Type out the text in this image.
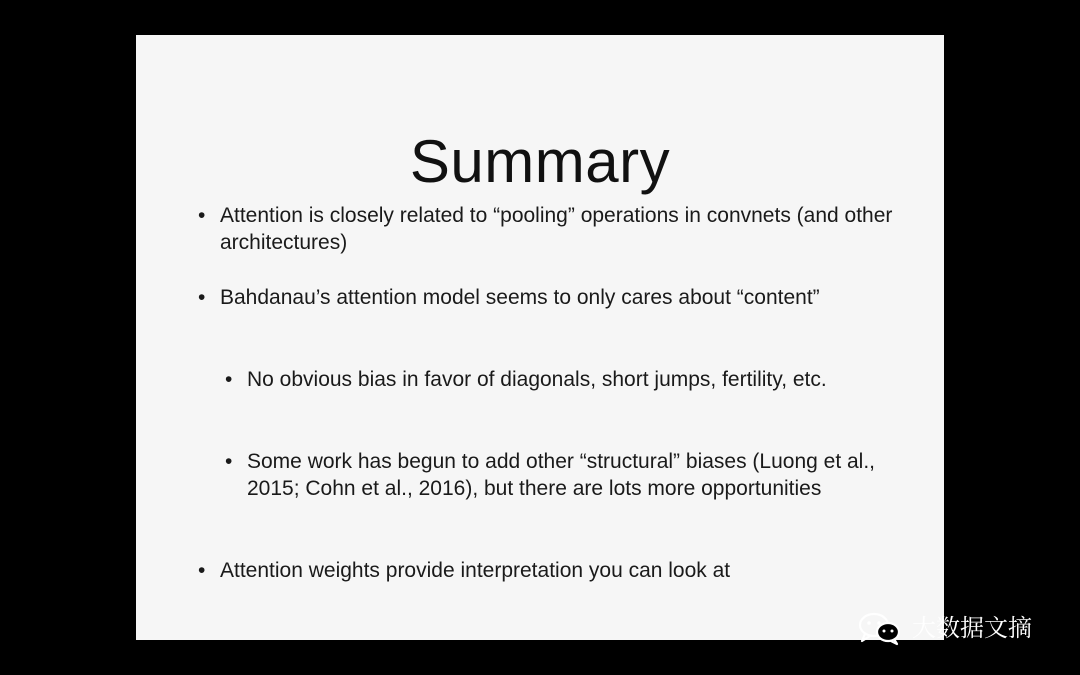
Summary

• Attention is closely related to “pooling” operations in convnets (and other architectures)

• Bahdanau’s attention model seems to only cares about “content”

• No obvious bias in favor of diagonals, short jumps, fertility, etc.

• Some work has begun to add other “structural” biases (Luong et al., 2015; Cohn et al., 2016), but there are lots more opportunities

• Attention weights provide interpretation you can look at

大数据文摘
